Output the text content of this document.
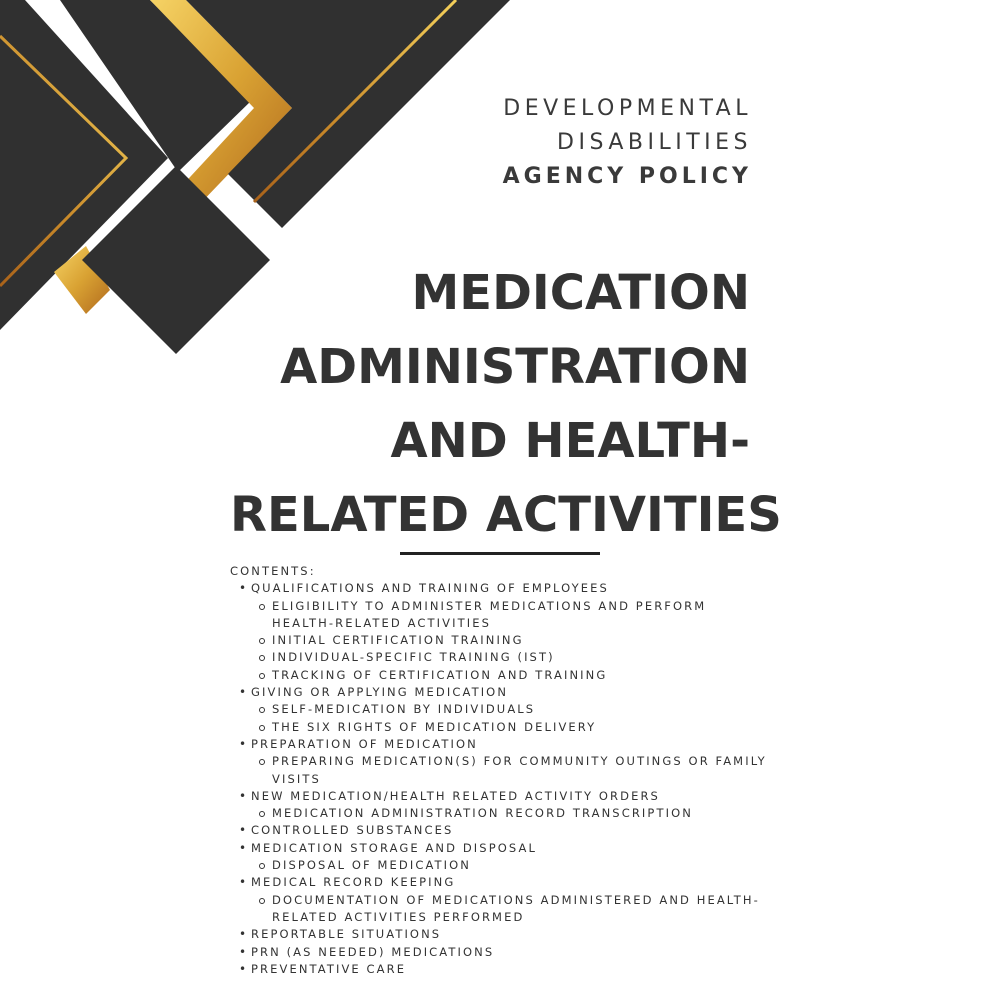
DEVELOPMENTAL
DISABILITIES
AGENCY POLICY
MEDICATION
ADMINISTRATION
AND HEALTH-
RELATED ACTIVITIES
CONTENTS:
• QUALIFICATIONS AND TRAINING OF EMPLOYEES
ELIGIBILITY TO ADMINISTER MEDICATIONS AND PERFORM HEALTH-RELATED ACTIVITIES
INITIAL CERTIFICATION TRAINING
INDIVIDUAL-SPECIFIC TRAINING (IST)
TRACKING OF CERTIFICATION AND TRAINING
• GIVING OR APPLYING MEDICATION
SELF-MEDICATION BY INDIVIDUALS
THE SIX RIGHTS OF MEDICATION DELIVERY
• PREPARATION OF MEDICATION
PREPARING MEDICATION(S) FOR COMMUNITY OUTINGS OR FAMILY VISITS
• NEW MEDICATION/HEALTH RELATED ACTIVITY ORDERS
MEDICATION ADMINISTRATION RECORD TRANSCRIPTION
• CONTROLLED SUBSTANCES
• MEDICATION STORAGE AND DISPOSAL
DISPOSAL OF MEDICATION
• MEDICAL RECORD KEEPING
DOCUMENTATION OF MEDICATIONS ADMINISTERED AND HEALTH-RELATED ACTIVITIES PERFORMED
• REPORTABLE SITUATIONS
• PRN (AS NEEDED) MEDICATIONS
• PREVENTATIVE CARE
